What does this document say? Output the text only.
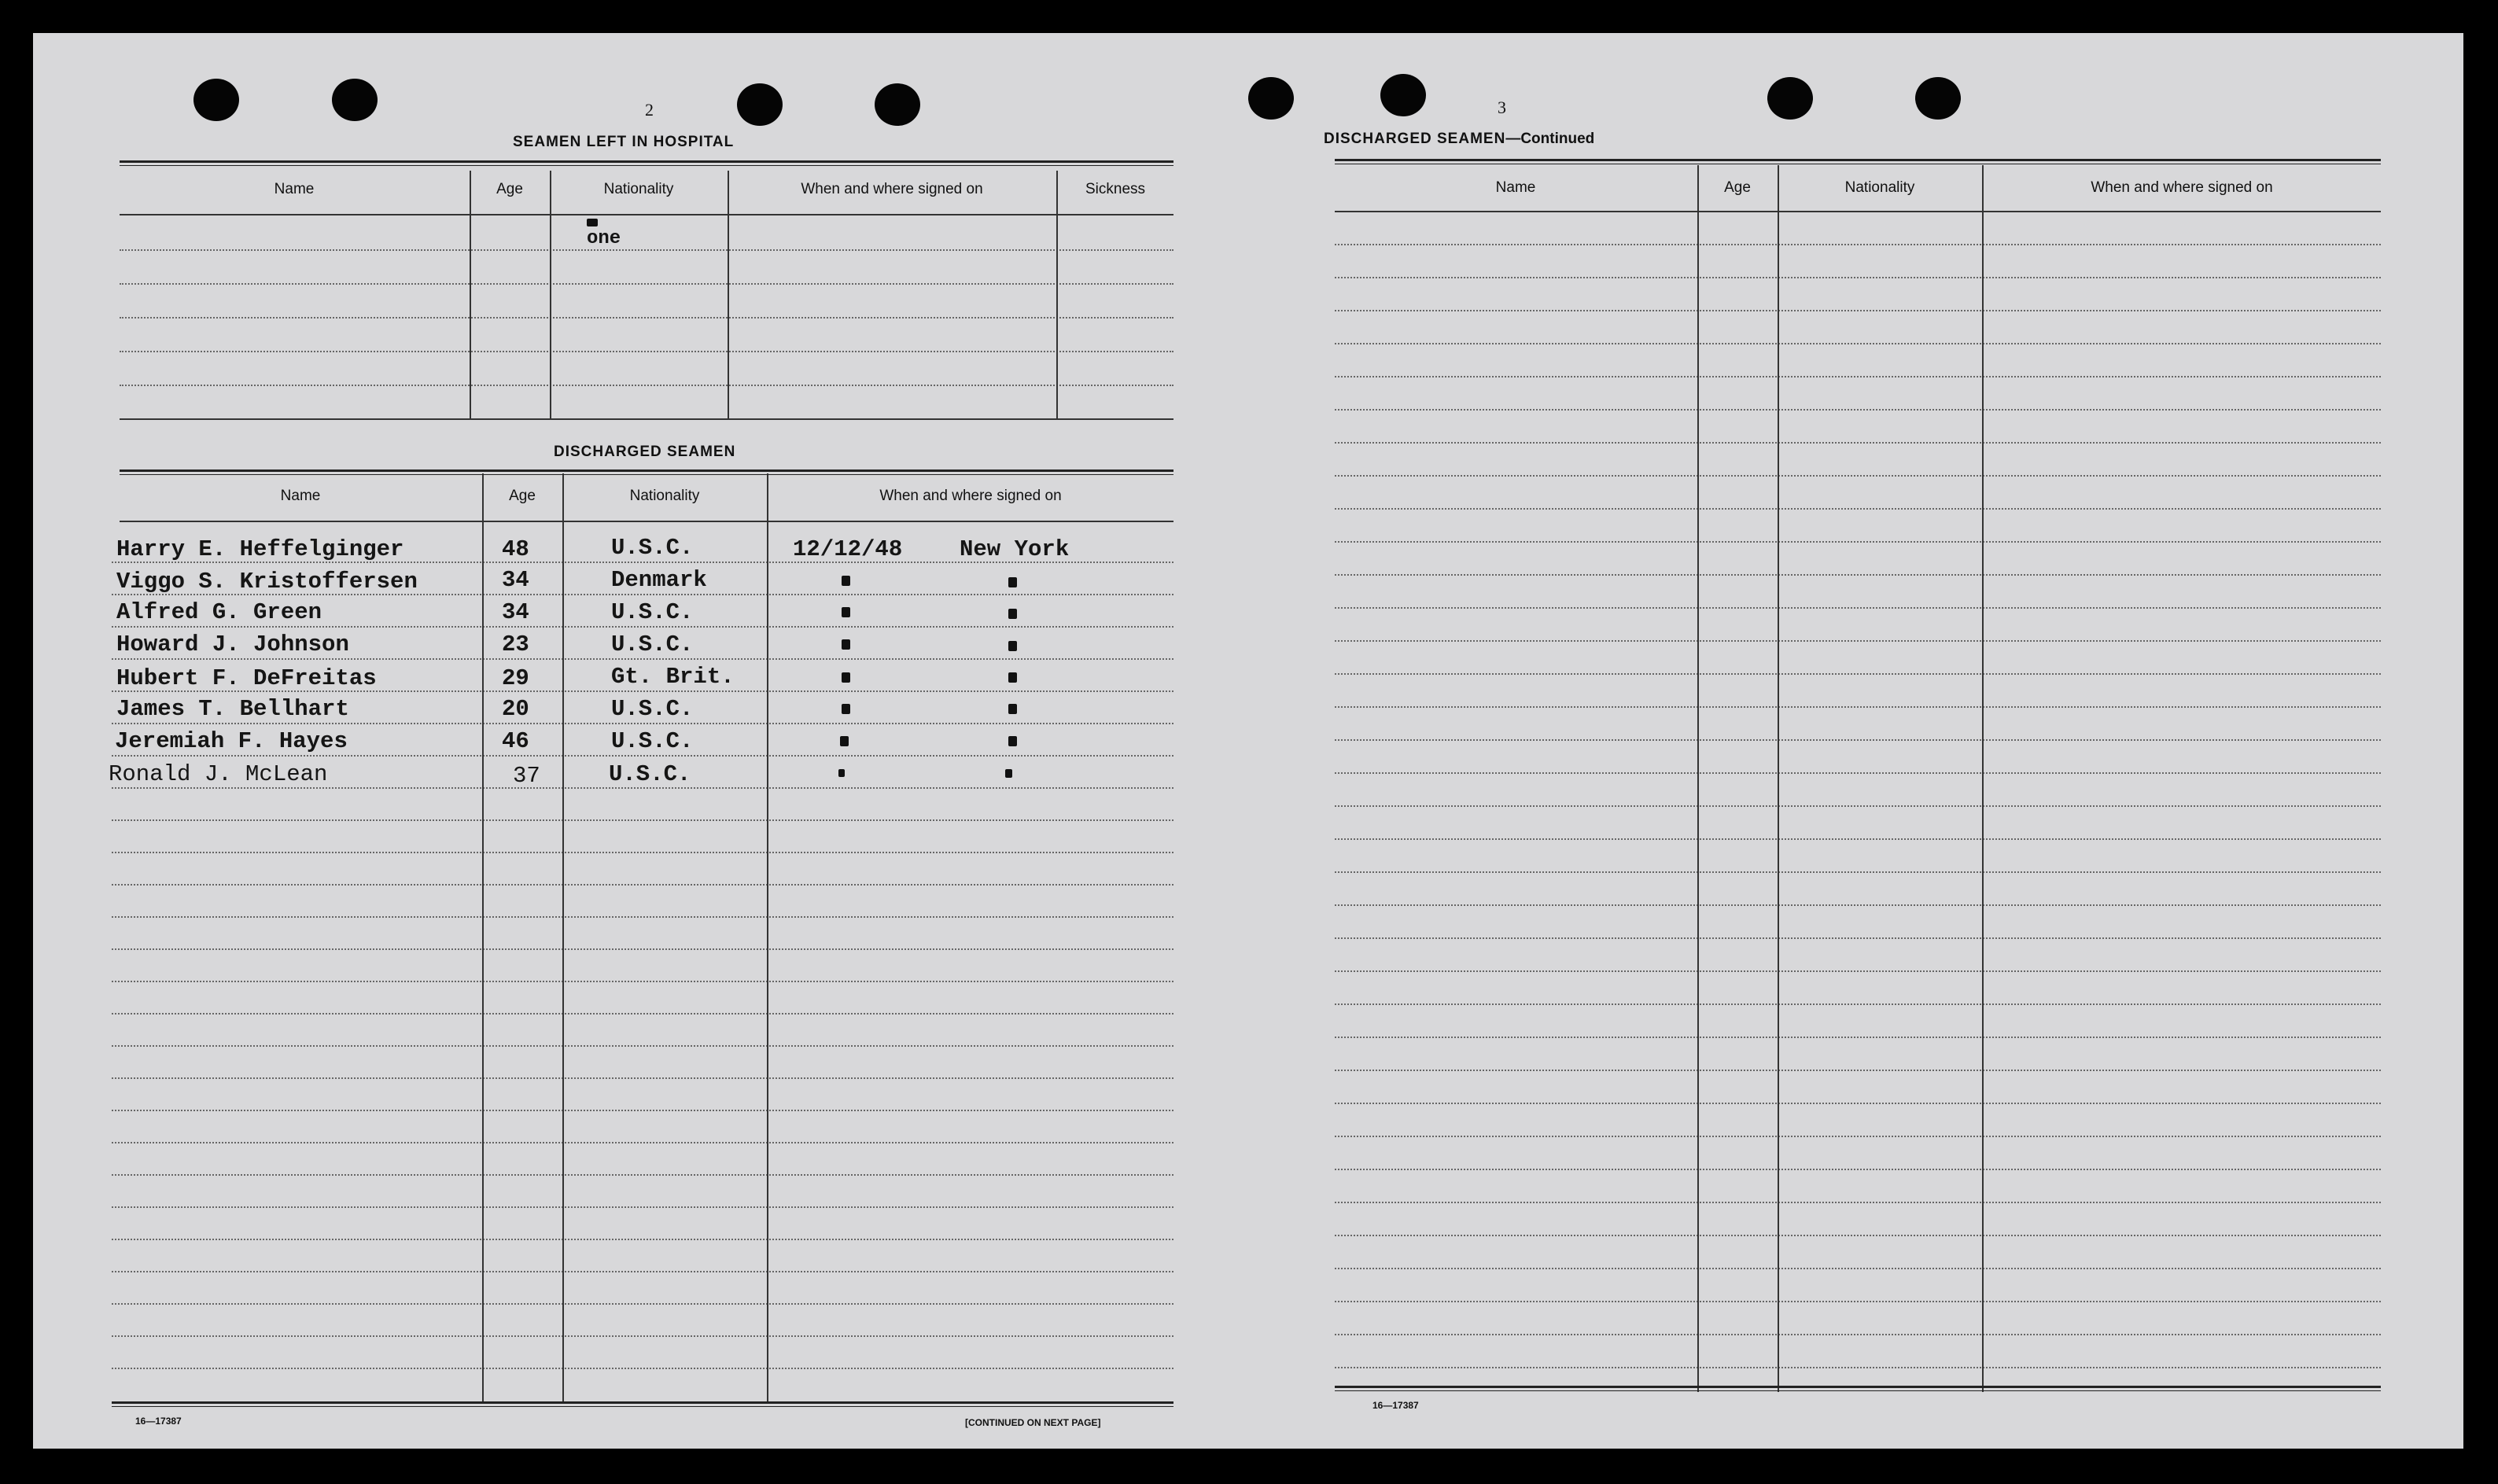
2
SEAMEN LEFT IN HOSPITAL
Name	Age	Nationality	When and where signed on	Sickness
one
DISCHARGED SEAMEN
Name	Age	Nationality	When and where signed on
Harry E. Heffelginger	48	U.S.C.	12/12/48	New York
Viggo S. Kristoffersen	34	Denmark
Alfred G. Green	34	U.S.C.
Howard J. Johnson	23	U.S.C.
Hubert F. DeFreitas	29	Gt. Brit.
James T. Bellhart	20	U.S.C.
Jeremiah F. Hayes	46	U.S.C.
Ronald J. McLean	37	U.S.C.
16—17387	[CONTINUED ON NEXT PAGE]
3
DISCHARGED SEAMEN—Continued
Name	Age	Nationality	When and where signed on
16—17387
